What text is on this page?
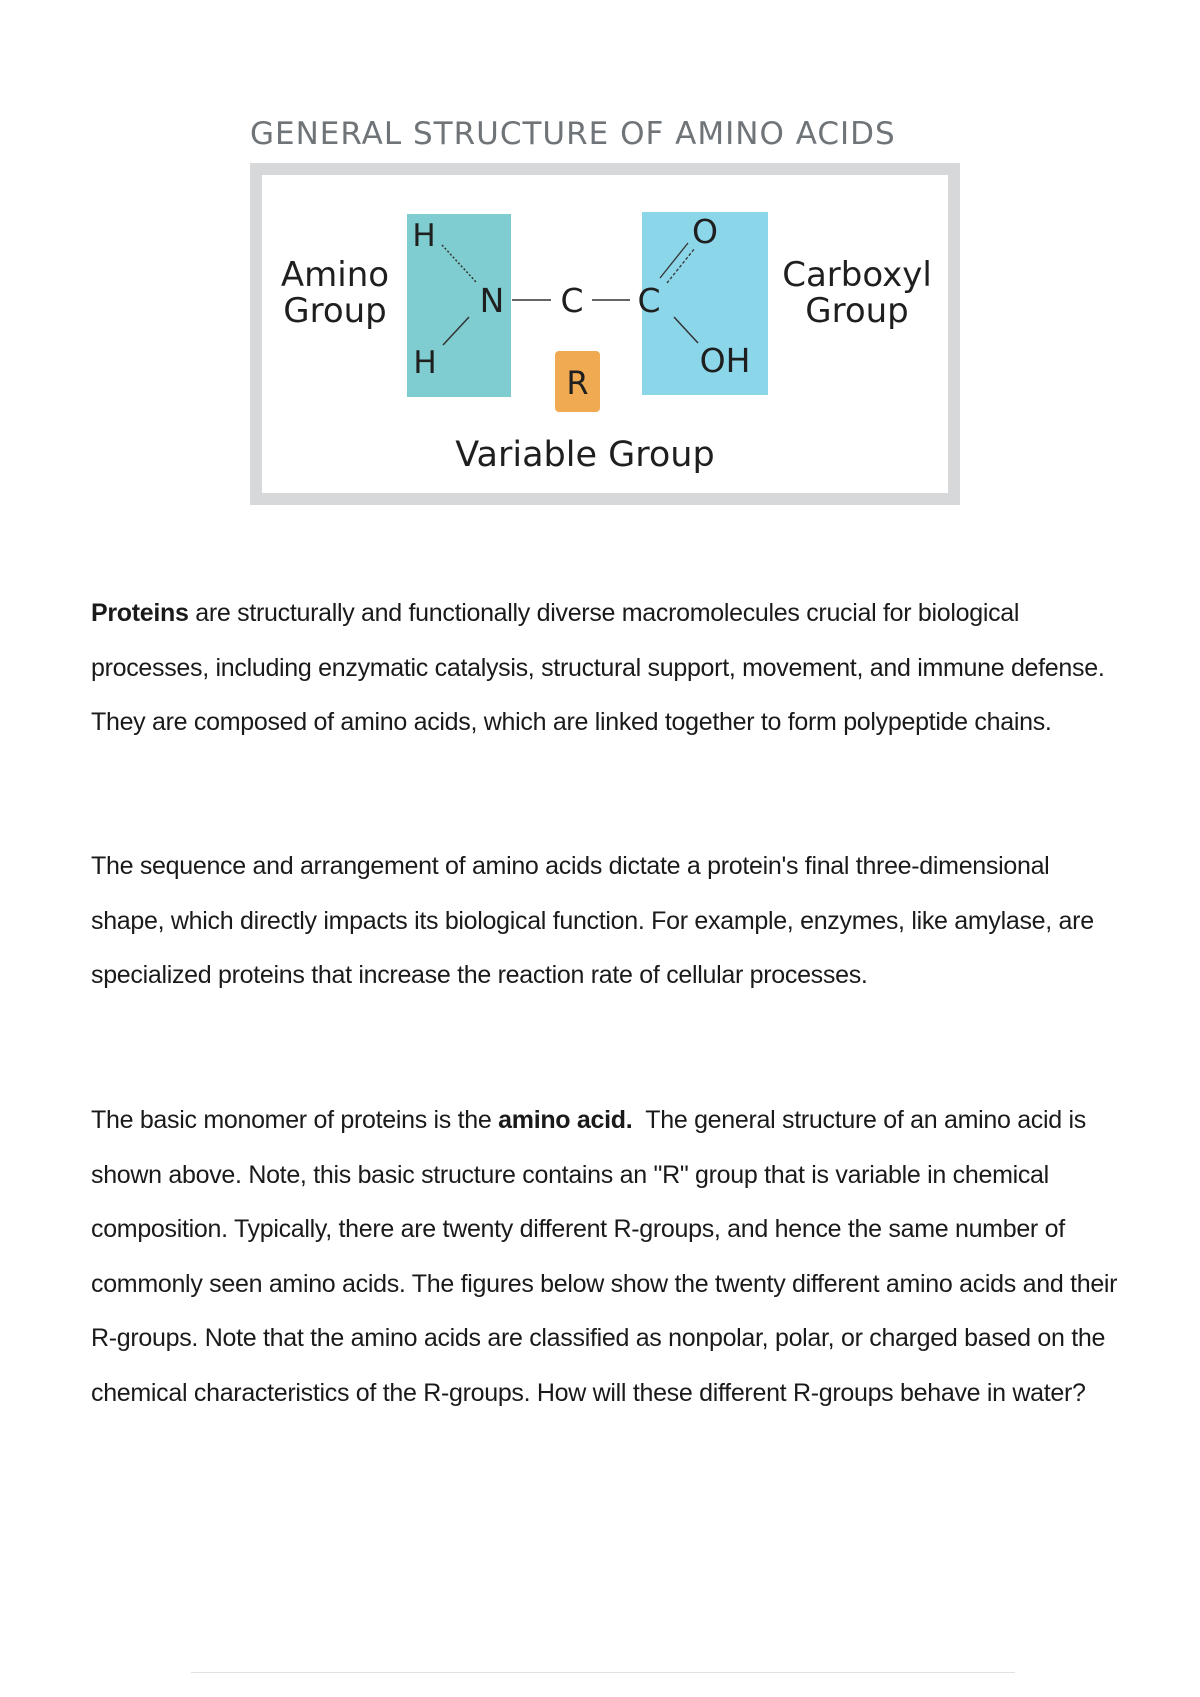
GENERAL STRUCTURE OF AMINO ACIDS
Amino
Group
Carboxyl
Group
H
N
H
C C
O
OH
R
Variable Group

Proteins are structurally and functionally diverse macromolecules crucial for biological processes, including enzymatic catalysis, structural support, movement, and immune defense. They are composed of amino acids, which are linked together to form polypeptide chains.

The sequence and arrangement of amino acids dictate a protein's final three-dimensional shape, which directly impacts its biological function. For example, enzymes, like amylase, are specialized proteins that increase the reaction rate of cellular processes.

The basic monomer of proteins is the amino acid.  The general structure of an amino acid is shown above. Note, this basic structure contains an "R" group that is variable in chemical composition. Typically, there are twenty different R-groups, and hence the same number of commonly seen amino acids. The figures below show the twenty different amino acids and their R-groups. Note that the amino acids are classified as nonpolar, polar, or charged based on the chemical characteristics of the R-groups. How will these different R-groups behave in water?
